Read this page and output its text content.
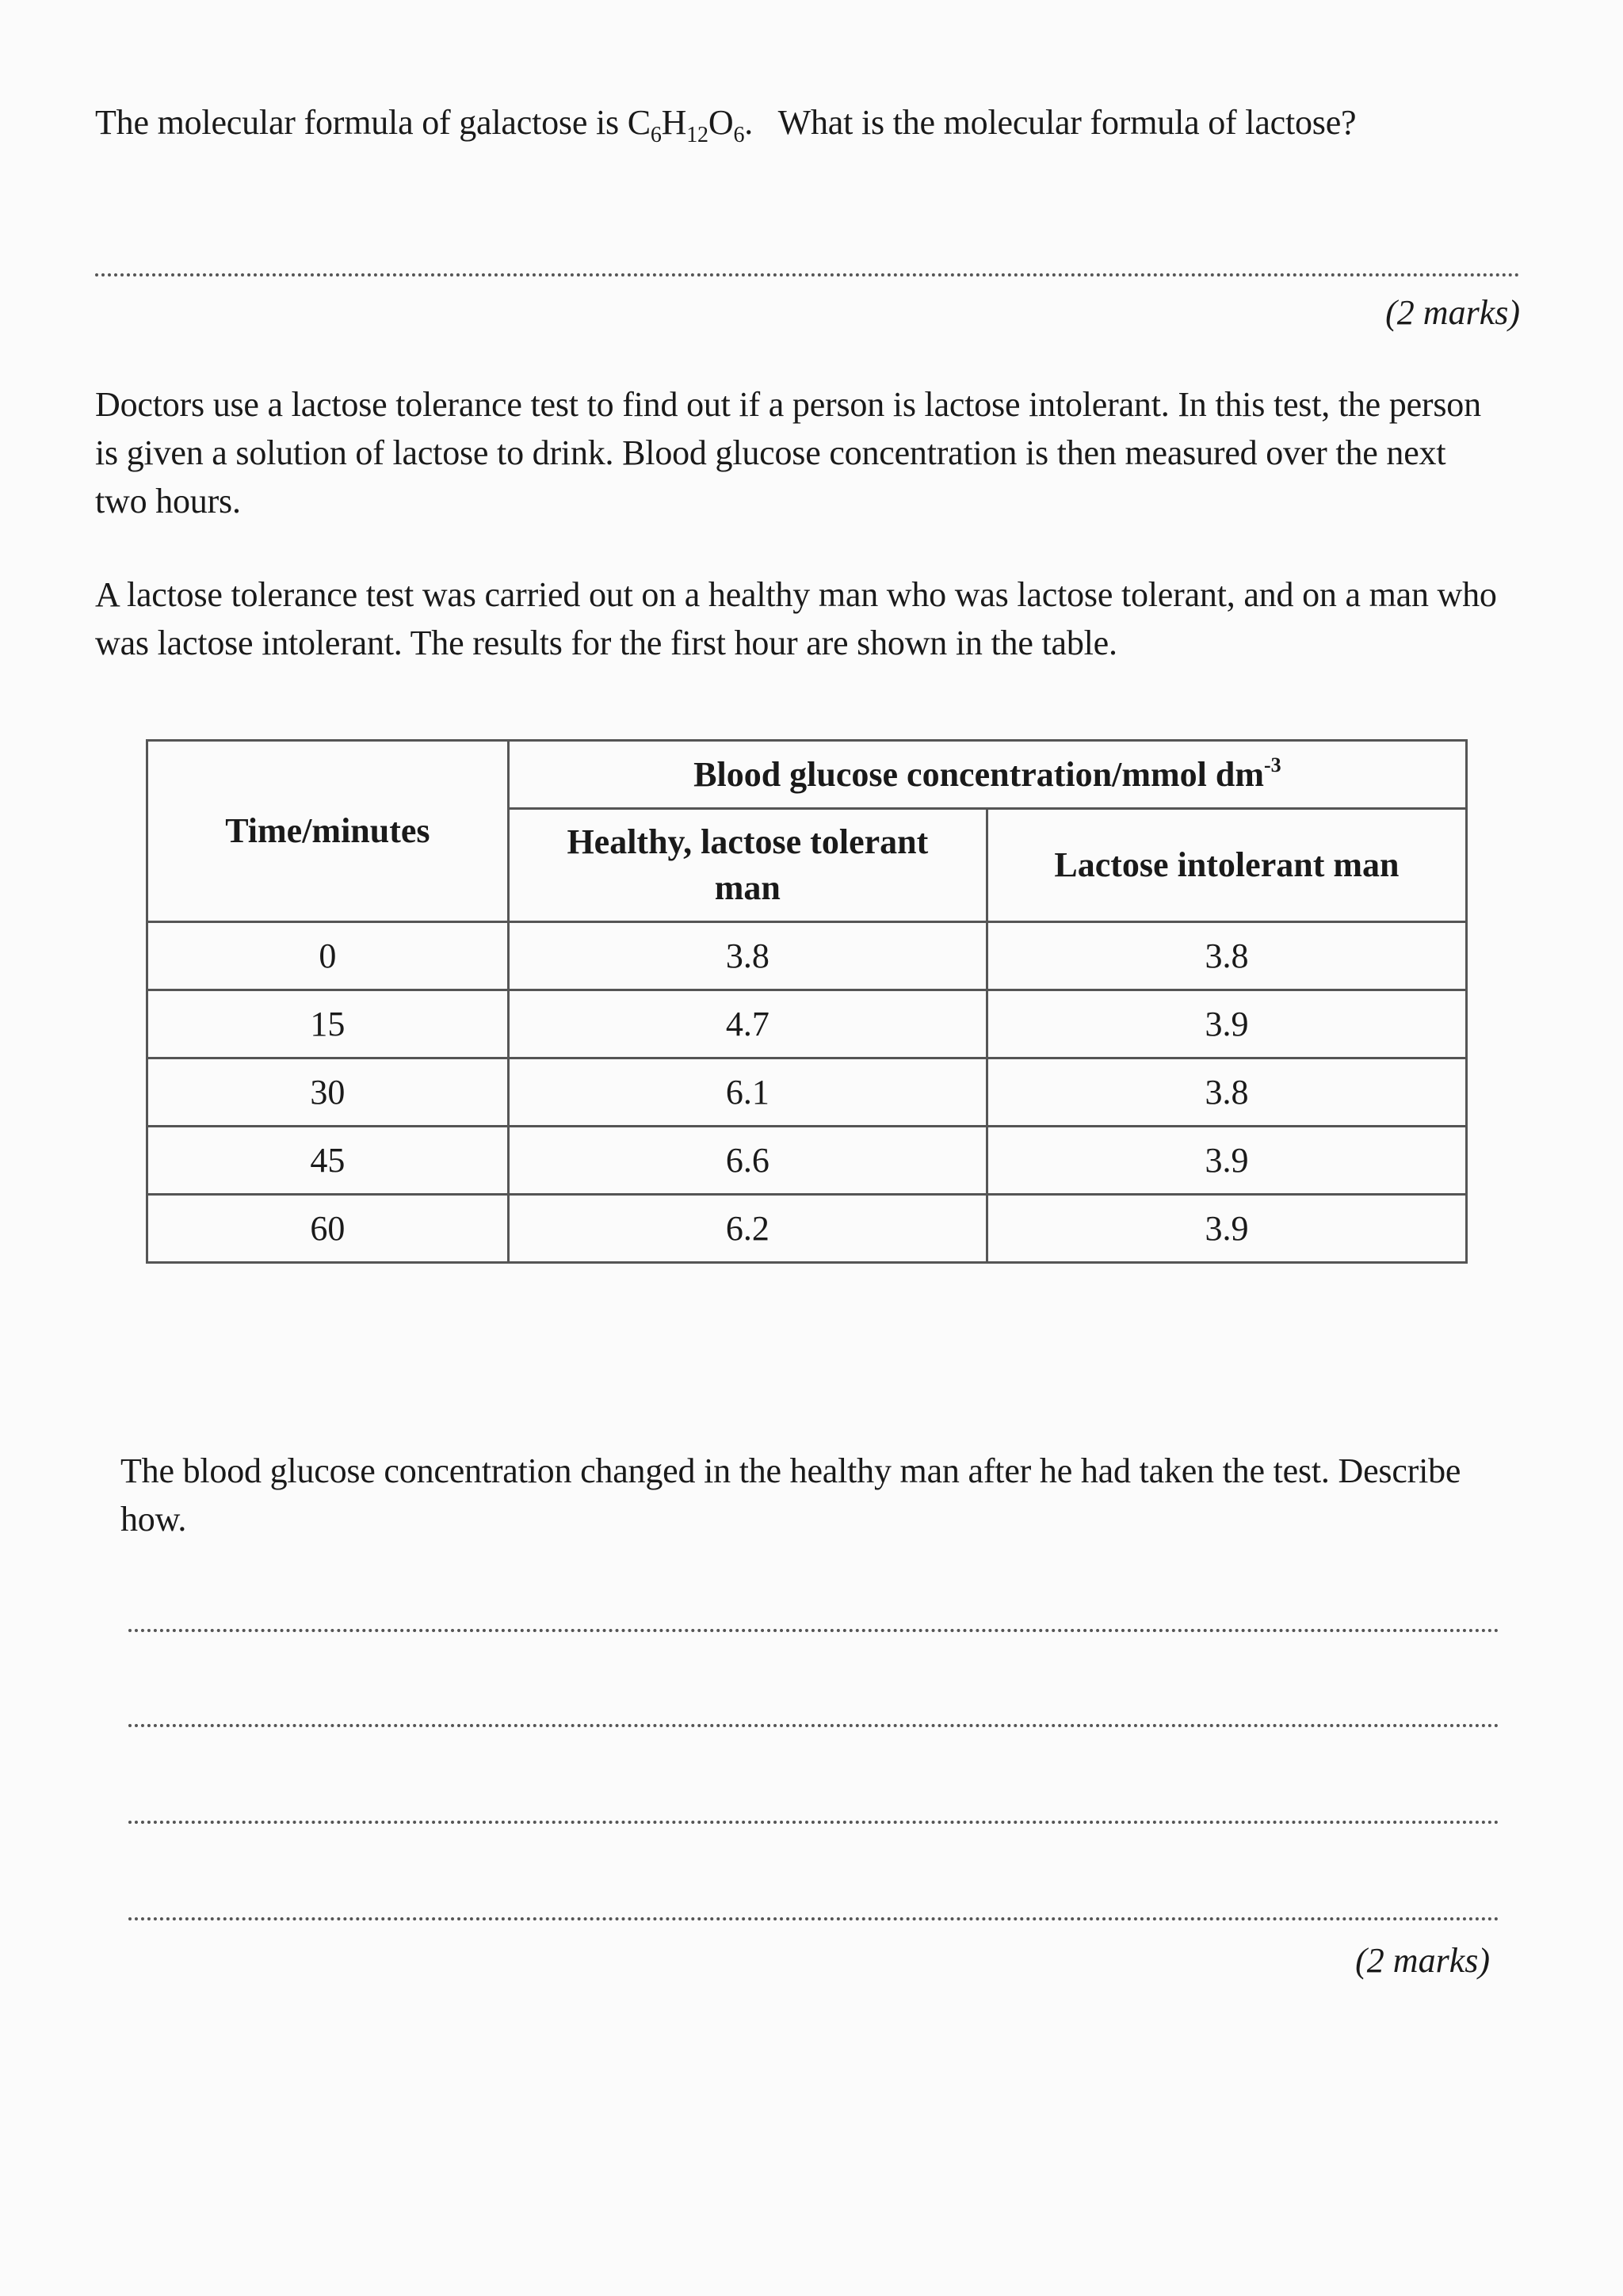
The molecular formula of galactose is $C_6H_{12}O_6$.   What is the molecular formula of lactose?

(2 marks)

Doctors use a lactose tolerance test to find out if a person is lactose intolerant. In this test, the person is given a solution of lactose to drink. Blood glucose concentration is then measured over the next two hours.

A lactose tolerance test was carried out on a healthy man who was lactose tolerant, and on a man who was lactose intolerant. The results for the first hour are shown in the table.

Time/minutes	Blood glucose concentration/mmol $dm^{-3}$
	Healthy, lactose tolerant man	Lactose intolerant man
0	3.8	3.8
15	4.7	3.9
30	6.1	3.8
45	6.6	3.9
60	6.2	3.9

The blood glucose concentration changed in the healthy man after he had taken the test. Describe how.

(2 marks)
